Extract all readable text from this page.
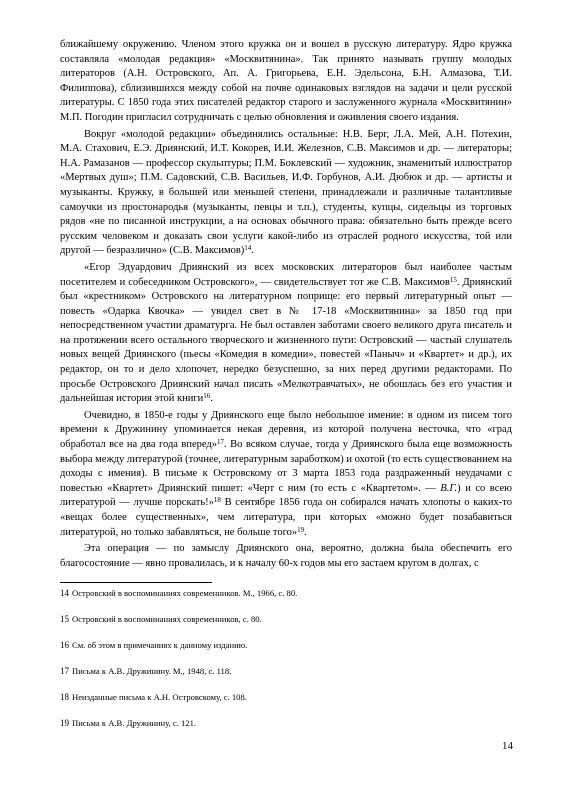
ближайшему окружению. Членом этого кружка он и вошел в русскую литературу. Ядро кружка составляла «молодая редакция» «Москвитянина». Так принято называть группу молодых литераторов (А.Н. Островского, Ап. А. Григорьева, Е.Н. Эдельсона, Б.Н. Алмазова, Т.И. Филиппова), сблизившихся между собой на почве одинаковых взглядов на задачи и цели русской литературы. С 1850 года этих писателей редактор старого и заслуженного журнала «Москвитянин» М.П. Погодин пригласил сотрудничать с целью обновления и оживления своего издания.

Вокруг «молодой редакции» объединялись остальные: Н.В. Берг, Л.А. Мей, А.Н. Потехин, М.А. Стахович, Е.Э. Дриянский, И.Т. Кокорев, И.И. Железнов, С.В. Максимов и др. — литераторы; Н.А. Рамазанов — профессор скульптуры; П.М. Боклевский — художник, знаменитый иллюстратор «Мертвых душ»; П.М. Садовский, С.В. Васильев, И.Ф. Горбунов, А.И. Дюбюк и др. — артисты и музыканты. Кружку, в большей или меньшей степени, принадлежали и различные талантливые самоучки из простонародья (музыканты, певцы и т.п.), студенты, купцы, сидельцы из торговых рядов «не по писанной инструкции, а на основах обычного права: обязательно быть прежде всего русским человеком и доказать свои услуги какой-либо из отраслей родного искусства, той или другой — безразлично» (С.В. Максимов)$^{14}$.

«Егор Эдуардович Дриянский из всех московских литераторов был наиболее частым посетителем и собеседником Островского», — свидетельствует тот же С.В. Максимов$^{15}$. Дриянский был «крестником» Островского на литературном поприще: его первый литературный опыт — повесть «Одарка Квочка» — увидел свет в № 17-18 «Москвитянина» за 1850 год при непосредственном участии драматурга. Не был оставлен заботами своего великого друга писатель и на протяжении всего остального творческого и жизненного пути: Островский — частый слушатель новых вещей Дриянского (пьесы «Комедия в комедии», повестей «Паныч» и «Квартет» и др.), их редактор, он то и дело хлопочет, нередко безуспешно, за них перед другими редакторами. По просьбе Островского Дриянский начал писать «Мелкотравчатых», не обошлась без его участия и дальнейшая история этой книги$^{16}$.

Очевидно, в 1850-е годы у Дриянского еще было небольшое имение: в одном из писем того времени к Дружинину упоминается некая деревня, из которой получена весточка, что «град обработал все на два года вперед»$^{17}$. Во всяком случае, тогда у Дриянского была еще возможность выбора между литературой (точнее, литературным заработком) и охотой (то есть существованием на доходы с имения). В письме к Островскому от 3 марта 1853 года раздраженный неудачами с повестью «Квартет» Дриянский пишет: «Черт с ним (то есть с «Квартетом». — В.Г.) и со всею литературой — лучше порскать!»$^{18}$ В сентябре 1856 года он собирался начать хлопоты о каких-то «вещах более существенных», чем литература, при которых «можно будет позабавиться литературой, но только забавляться, не больше того»$^{19}$.

Эта операция — по замыслу Дриянского она, вероятно, должна была обеспечить его благосостояние — явно провалилась, и к началу 60-х годов мы его застаем кругом в долгах, с

14 Островский в воспоминаниях современников. М., 1966, с. 80.
15 Островский в воспоминаниях современников, с. 80.
16 См. об этом в примечаниях к данному изданию.
17 Письма к А.В. Дружинину. М., 1948, с. 118.
18 Неизданные письма к А.Н. Островскому, с. 108.
19 Письма к А.В. Дружинину, с. 121.
14
